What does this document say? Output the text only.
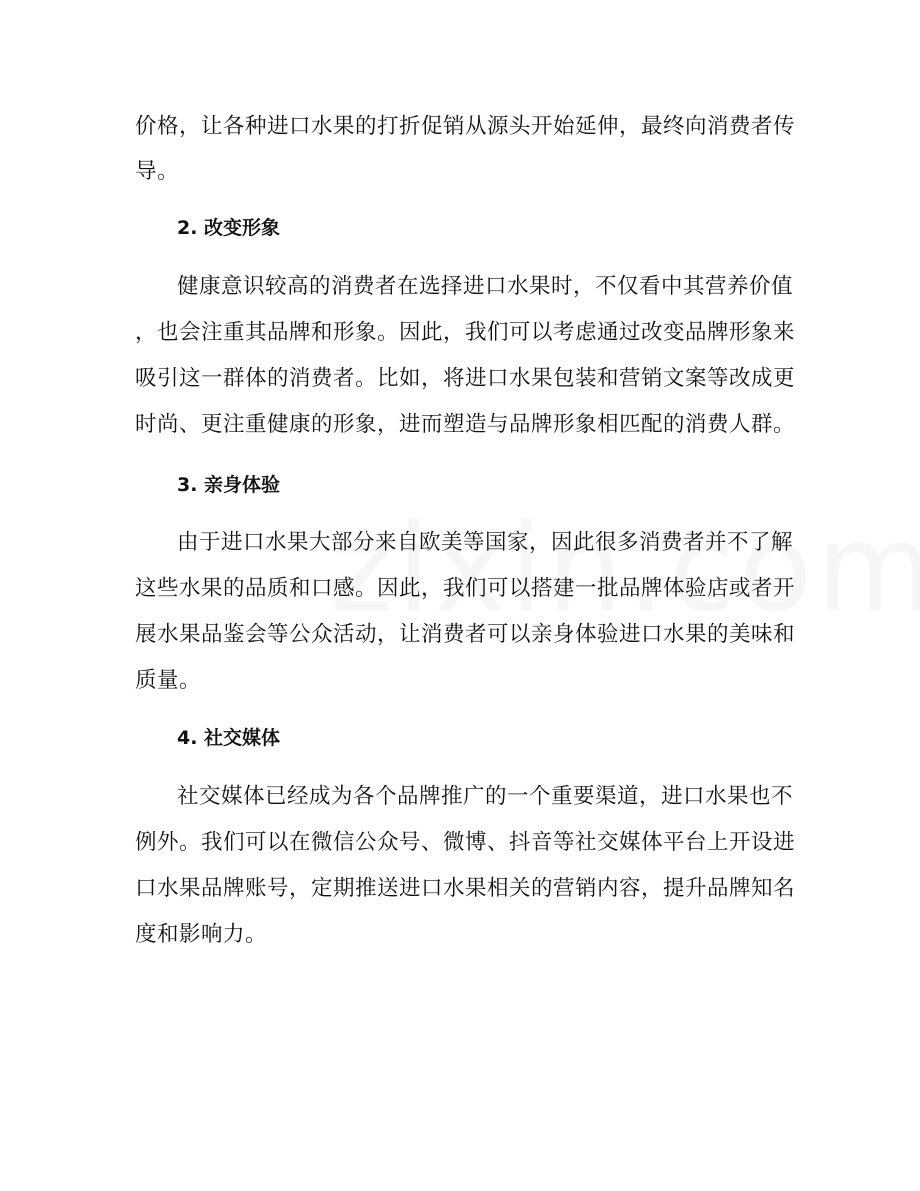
价格，让各种进口水果的打折促销从源头开始延伸，最终向消费者传
导。
2. 改变形象
健康意识较高的消费者在选择进口水果时，不仅看中其营养价值
，也会注重其品牌和形象。因此，我们可以考虑通过改变品牌形象来
吸引这一群体的消费者。比如，将进口水果包装和营销文案等改成更
时尚、更注重健康的形象，进而塑造与品牌形象相匹配的消费人群。
3. 亲身体验
由于进口水果大部分来自欧美等国家，因此很多消费者并不了解
这些水果的品质和口感。因此，我们可以搭建一批品牌体验店或者开
展水果品鉴会等公众活动，让消费者可以亲身体验进口水果的美味和
质量。
4. 社交媒体
社交媒体已经成为各个品牌推广的一个重要渠道，进口水果也不
例外。我们可以在微信公众号、微博、抖音等社交媒体平台上开设进
口水果品牌账号，定期推送进口水果相关的营销内容，提升品牌知名
度和影响力。
